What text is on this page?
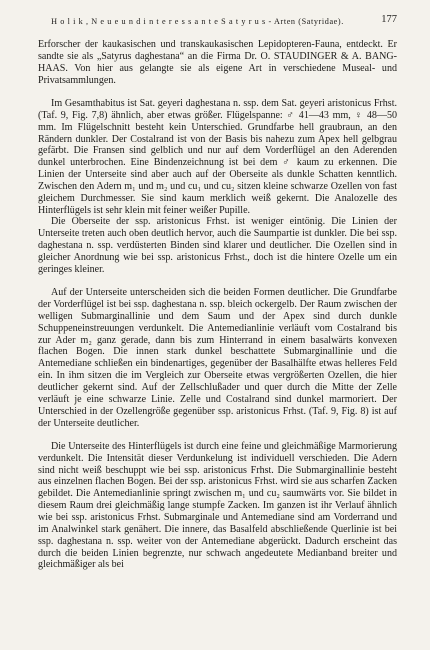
H o l i k , N e u e u n d i n t e r e s s a n t e S a t y r u s - Arten (Satyridae).	177

Erforscher der kaukasischen und transkaukasischen Lepidopteren-Fauna, entdeckt. Er sandte sie als „Satyrus daghestana“ an die Firma Dr. O. STAUDINGER & A. BANG-HAAS. Von hier aus gelangte sie als eigene Art in verschiedene Museal- und Privatsammlungen.

Im Gesamthabitus ist Sat. geyeri daghestana n. ssp. dem Sat. geyeri aristonicus Frhst. (Taf. 9, Fig. 7,8) ähnlich, aber etwas größer. Flügelspanne: ♂ 41—43 mm, ♀ 48—50 mm. Im Flügelschnitt besteht kein Unterschied. Grundfarbe hell graubraun, an den Rändern dunkler. Der Costalrand ist von der Basis bis nahezu zum Apex hell gelbgrau gefärbt. Die Fransen sind gelblich und nur auf dem Vorderflügel an den Aderenden dunkel unterbrochen. Eine Bindenzeichnung ist bei dem ♂ kaum zu erkennen. Die Linien der Unterseite sind aber auch auf der Oberseite als dunkle Schatten kenntlich. Zwischen den Adern m₁ und m₂ und cu₁ und cu₂ sitzen kleine schwarze Ozellen von fast gleichem Durchmesser. Sie sind kaum merklich weiß gekernt. Die Analozelle des Hinterflügels ist sehr klein mit feiner weißer Pupille.

Die Oberseite der ssp. aristonicus Frhst. ist weniger eintönig. Die Linien der Unterseite treten auch oben deutlich hervor, auch die Saumpartie ist dunkler. Die bei ssp. daghestana n. ssp. verdüsterten Binden sind klarer und deutlicher. Die Ozellen sind in gleicher Anordnung wie bei ssp. aristonicus Frhst., doch ist die hintere Ozelle um ein geringes kleiner.

Auf der Unterseite unterscheiden sich die beiden Formen deutlicher. Die Grundfarbe der Vorderflügel ist bei ssp. daghestana n. ssp. bleich ockergelb. Der Raum zwischen der welligen Submarginallinie und dem Saum und der Apex sind durch dunkle Schuppeneinstreuungen verdunkelt. Die Antemedianlinie verläuft vom Costalrand bis zur Ader m₂ ganz gerade, dann bis zum Hinterrand in einem basalwärts konvexen flachen Bogen. Die innen stark dunkel beschattete Submarginallinie und die Antemediane schließen ein bindenartiges, gegenüber der Basalhälfte etwas helleres Feld ein. In ihm sitzen die im Vergleich zur Oberseite etwas vergrößerten Ozellen, die hier deutlicher gekernt sind. Auf der Zellschlußader und quer durch die Mitte der Zelle verläuft je eine schwarze Linie. Zelle und Costalrand sind dunkel marmoriert. Der Unterschied in der Ozellengröße gegenüber ssp. aristonicus Frhst. (Taf. 9, Fig. 8) ist auf der Unterseite deutlicher.

Die Unterseite des Hinterflügels ist durch eine feine und gleichmäßige Marmorierung verdunkelt. Die Intensität dieser Verdunkelung ist individuell verschieden. Die Adern sind nicht weiß beschuppt wie bei ssp. aristonicus Frhst. Die Submarginallinie besteht aus einzelnen flachen Bogen. Bei der ssp. aristonicus Frhst. wird sie aus scharfen Zacken gebildet. Die Antemedianlinie springt zwischen m₁ und cu₂ saumwärts vor. Sie bildet in diesem Raum drei gleichmäßig lange stumpfe Zacken. Im ganzen ist ihr Verlauf ähnlich wie bei ssp. aristonicus Frhst. Submarginale und Antemediane sind am Vorderrand und im Analwinkel stark genähert. Die innere, das Basalfeld abschließende Querlinie ist bei ssp. daghestana n. ssp. weiter von der Antemediane abgerückt. Dadurch erscheint das durch die beiden Linien begrenzte, nur schwach angedeutete Medianband breiter und gleichmäßiger als bei
